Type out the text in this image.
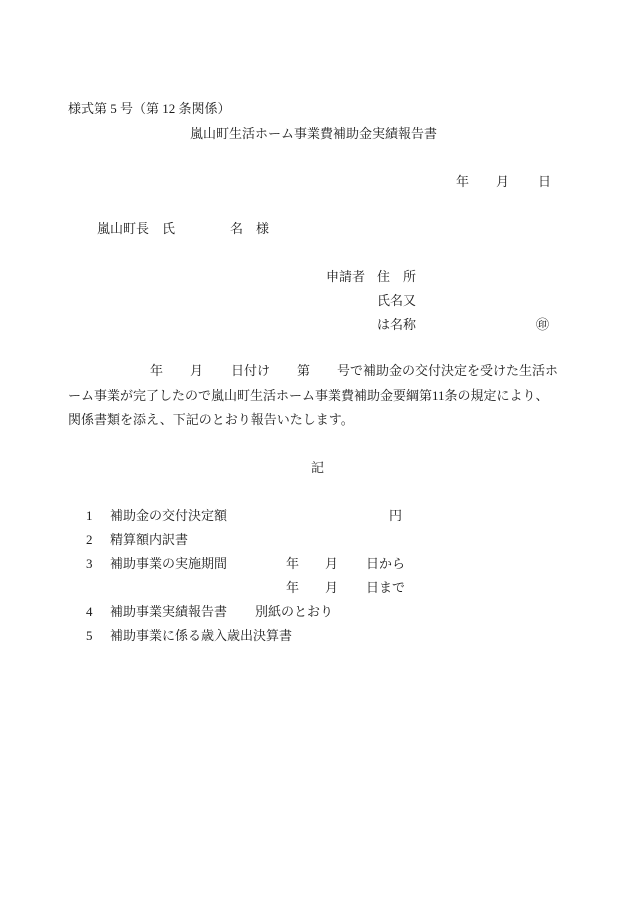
様式第 5 号（第 12 条関係）
嵐山町生活ホーム事業費補助金実績報告書
年 月 日
嵐山町長　氏	名　様
申請者 住　所
氏名又
は名称	㊞
年 月 日付け 第 号で補助金の交付決定を受けた生活ホ
ーム事業が完了したので嵐山町生活ホーム事業費補助金要綱第11条の規定により、
関係書類を添え、下記のとおり報告いたします。
記
1 補助金の交付決定額	円
2 精算額内訳書
3 補助事業の実施期間	年 月 日から
年 月 日まで
4 補助事業実績報告書 別紙のとおり
5 補助事業に係る歳入歳出決算書
